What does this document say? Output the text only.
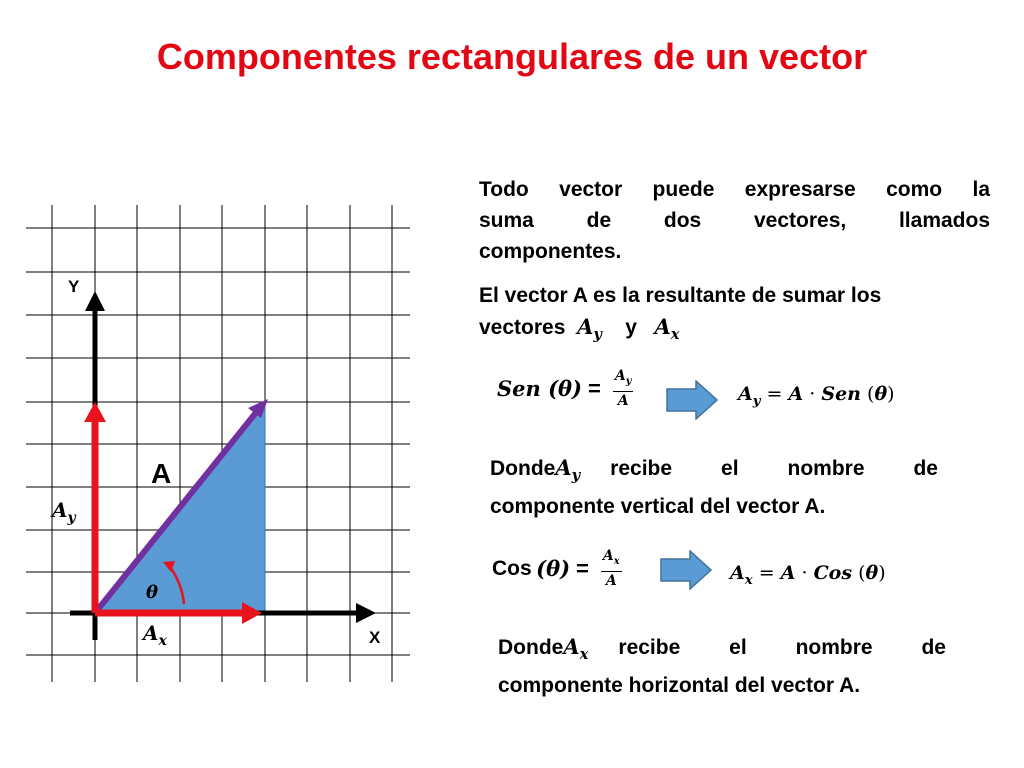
Componentes rectangulares de un vector
Y
X
A
$A_y$
$A_x$
θ
Todo vector puede expresarse como la
suma de dos vectores, llamados
componentes.
El vector A es la resultante de sumar los
vectores $A_y$ y $A_x$
Sen $(\theta) = \frac{A_y}{A}$	$A_y = A$ · Sen (θ)
Donde $A_y$ recibe el nombre de
componente vertical del vector A.
Cos
$(\theta) = \frac{A_x}{A}$	$A_x = A$ · Cos (θ)
Donde $A_x$ recibe el nombre de
componente horizontal del vector A.
